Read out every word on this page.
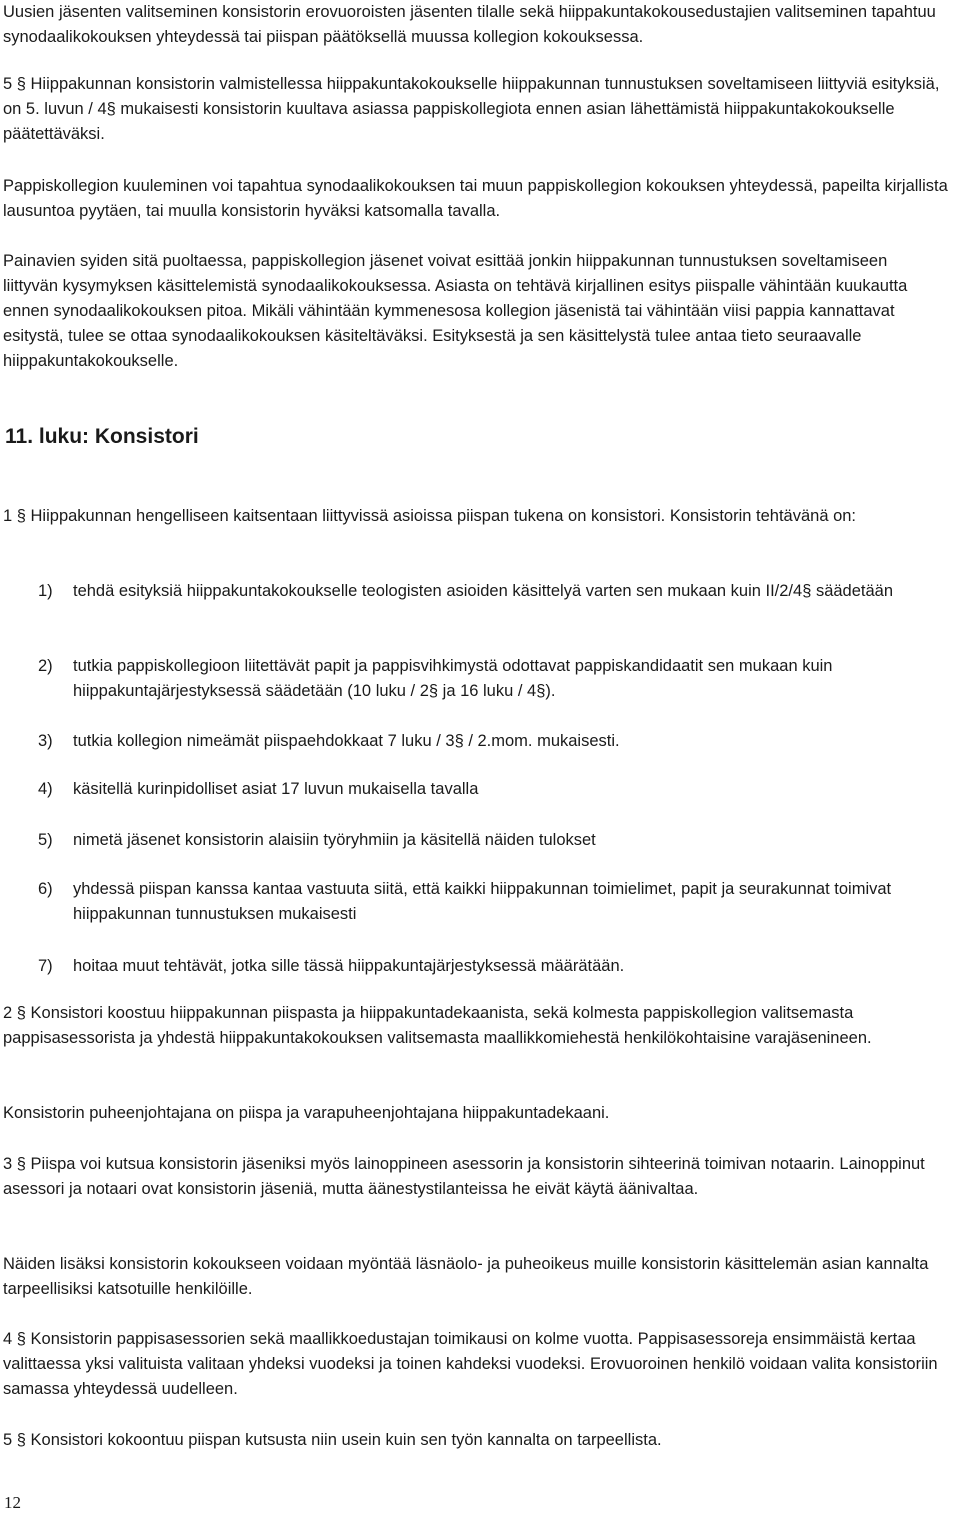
Uusien jäsenten valitseminen konsistorin erovuoroisten jäsenten tilalle sekä hiippakuntakokousedustajien valitseminen tapahtuu synodaalikokouksen yhteydessä tai piispan päätöksellä muussa kollegion kokouksessa.

5 § Hiippakunnan konsistorin valmistellessa hiippakuntakokoukselle hiippakunnan tunnustuksen soveltamiseen liittyviä esityksiä, on 5. luvun / 4§ mukaisesti konsistorin kuultava asiassa pappiskollegiota ennen asian lähettämistä hiippakuntakokoukselle päätettäväksi.

Pappiskollegion kuuleminen voi tapahtua synodaalikokouksen tai muun pappiskollegion kokouksen yhteydessä, papeilta kirjallista lausuntoa pyytäen, tai muulla konsistorin hyväksi katsomalla tavalla.

Painavien syiden sitä puoltaessa, pappiskollegion jäsenet voivat esittää jonkin hiippakunnan tunnustuksen soveltamiseen liittyvän kysymyksen käsittelemistä synodaalikokouksessa. Asiasta on tehtävä kirjallinen esitys piispalle vähintään kuukautta ennen synodaalikokouksen pitoa. Mikäli vähintään kymmenesosa kollegion jäsenistä tai vähintään viisi pappia kannattavat esitystä, tulee se ottaa synodaalikokouksen käsiteltäväksi. Esityksestä ja sen käsittelystä tulee antaa tieto seuraavalle hiippakuntakokoukselle.

11. luku: Konsistori

1 § Hiippakunnan hengelliseen kaitsentaan liittyvissä asioissa piispan tukena on konsistori. Konsistorin tehtävänä on:

1) tehdä esityksiä hiippakuntakokoukselle teologisten asioiden käsittelyä varten sen mukaan kuin II/2/4§ säädetään
2) tutkia pappiskollegioon liitettävät papit ja pappisvihkimystä odottavat pappiskandidaatit sen mukaan kuin hiippakuntajärjestyksessä säädetään (10 luku / 2§ ja 16 luku / 4§).
3) tutkia kollegion nimeämät piispaehdokkaat 7 luku / 3§ / 2.mom. mukaisesti.
4) käsitellä kurinpidolliset asiat 17 luvun mukaisella tavalla
5) nimetä jäsenet konsistorin alaisiin työryhmiin ja käsitellä näiden tulokset
6) yhdessä piispan kanssa kantaa vastuuta siitä, että kaikki hiippakunnan toimielimet, papit ja seurakunnat toimivat hiippakunnan tunnustuksen mukaisesti
7) hoitaa muut tehtävät, jotka sille tässä hiippakuntajärjestyksessä määrätään.

2 § Konsistori koostuu hiippakunnan piispasta ja hiippakuntadekaanista, sekä kolmesta pappiskollegion valitsemasta pappisasessorista ja yhdestä hiippakuntakokouksen valitsemasta maallikkomiehestä henkilökohtaisine varajäsenineen.

Konsistorin puheenjohtajana on piispa ja varapuheenjohtajana hiippakuntadekaani.

3 § Piispa voi kutsua konsistorin jäseniksi myös lainoppineen asessorin ja konsistorin sihteerinä toimivan notaarin. Lainoppinut asessori ja notaari ovat konsistorin jäseniä, mutta äänestystilanteissa he eivät käytä äänivaltaa.

Näiden lisäksi konsistorin kokoukseen voidaan myöntää läsnäolo- ja puheoikeus muille konsistorin käsittelemän asian kannalta tarpeellisiksi katsotuille henkilöille.

4 § Konsistorin pappisasessorien sekä maallikkoedustajan toimikausi on kolme vuotta. Pappisasessoreja ensimmäistä kertaa valittaessa yksi valituista valitaan yhdeksi vuodeksi ja toinen kahdeksi vuodeksi. Erovuoroinen henkilö voidaan valita konsistoriin samassa yhteydessä uudelleen.

5 § Konsistori kokoontuu piispan kutsusta niin usein kuin sen työn kannalta on tarpeellista.

12
